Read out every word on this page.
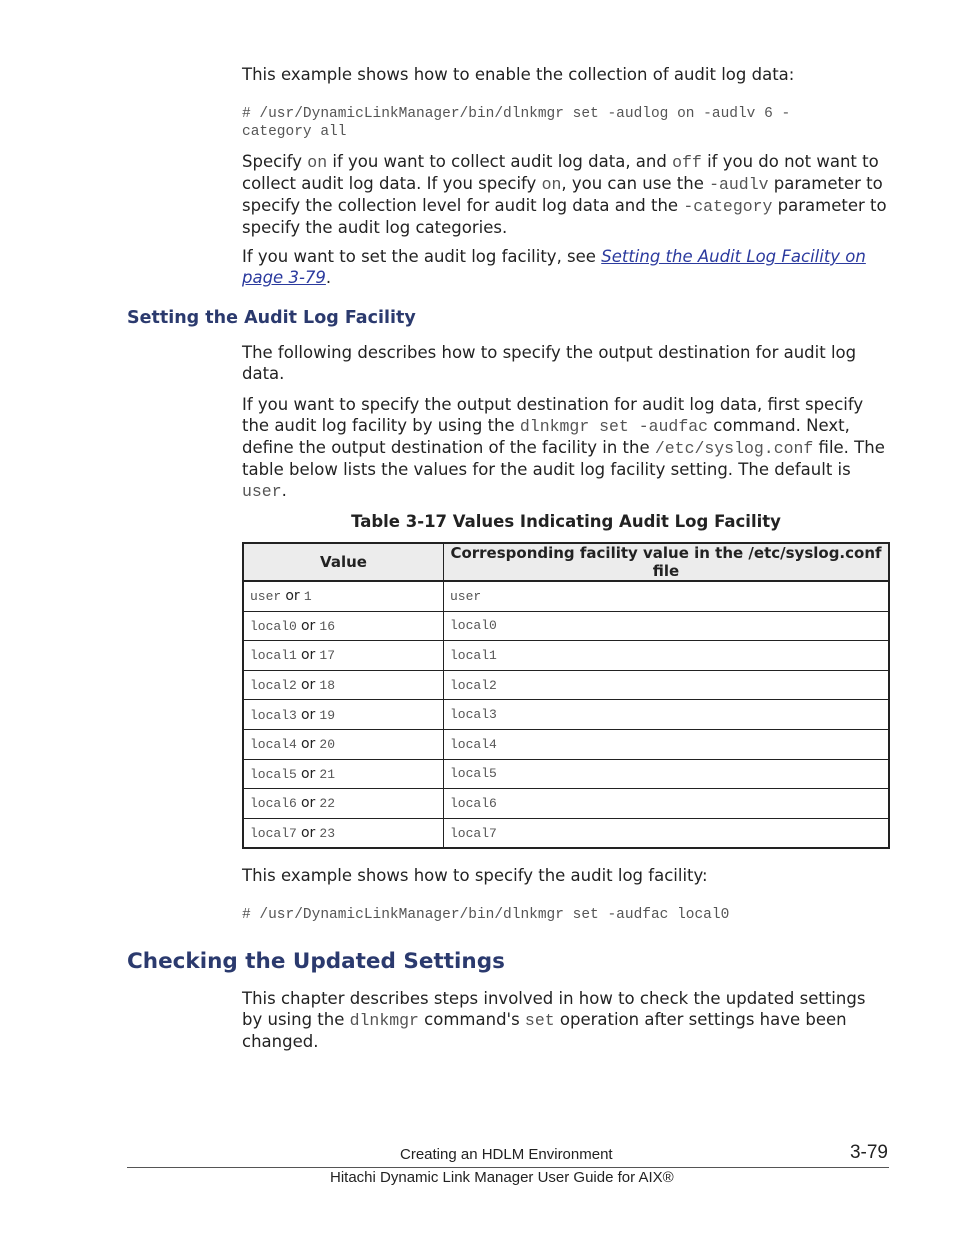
This example shows how to enable the collection of audit log data:

# /usr/DynamicLinkManager/bin/dlnkmgr set -audlog on -audlv 6 -
category all

Specify on if you want to collect audit log data, and off if you do not want to collect audit log data. If you specify on, you can use the -audlv parameter to specify the collection level for audit log data and the -category parameter to specify the audit log categories.

If you want to set the audit log facility, see Setting the Audit Log Facility on page 3-79.

Setting the Audit Log Facility

The following describes how to specify the output destination for audit log data.

If you want to specify the output destination for audit log data, first specify the audit log facility by using the dlnkmgr set -audfac command. Next, define the output destination of the facility in the /etc/syslog.conf file. The table below lists the values for the audit log facility setting. The default is user.

Table 3-17 Values Indicating Audit Log Facility

Value	Corresponding facility value in the /etc/syslog.conf file
user or 1	user
local0 or 16	local0
local1 or 17	local1
local2 or 18	local2
local3 or 19	local3
local4 or 20	local4
local5 or 21	local5
local6 or 22	local6
local7 or 23	local7

This example shows how to specify the audit log facility:

# /usr/DynamicLinkManager/bin/dlnkmgr set -audfac local0
Checking the Updated Settings

This chapter describes steps involved in how to check the updated settings by using the dlnkmgr command's set operation after settings have been changed.

Creating an HDLM Environment	3-79
Hitachi Dynamic Link Manager User Guide for AIX®
